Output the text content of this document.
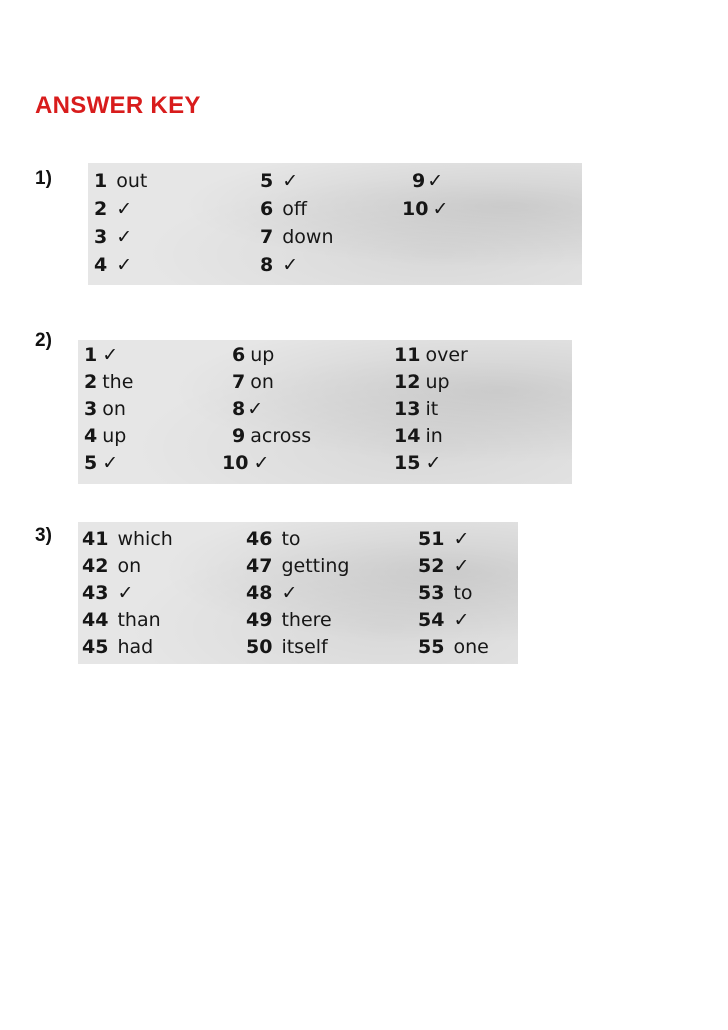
ANSWER KEY
1) 1 out
2 ✓
3 ✓
4 ✓
5 ✓
6 off
7 down
8 ✓
9 ✓
10 ✓
2)
1 ✓
2 the
3 on
4 up
5 ✓
6 up
7 on
8 ✓
9 across
10 ✓
11 over
12 up
13 it
14 in
15 ✓
3) 41 which
42 on
43 ✓
44 than
45 had
46 to
47 getting
48 ✓
49 there
50 itself
51 ✓
52 ✓
53 to
54 ✓
55 one
